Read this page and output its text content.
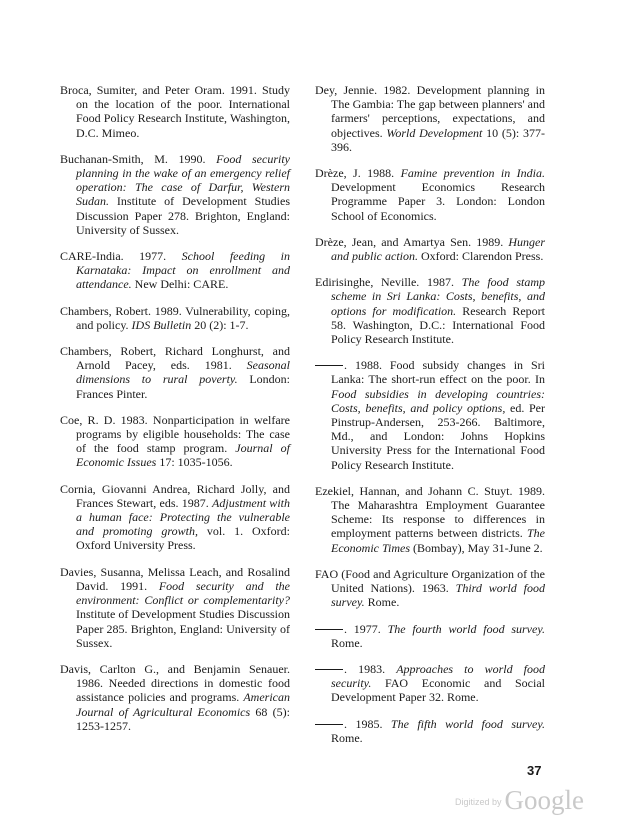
Broca, Sumiter, and Peter Oram. 1991. Study on the location of the poor. International Food Policy Research Institute, Washington, D.C. Mimeo.

Buchanan-Smith, M. 1990. Food security planning in the wake of an emergency relief operation: The case of Darfur, Western Sudan. Institute of Development Studies Discussion Paper 278. Brighton, England: University of Sussex.

CARE-India. 1977. School feeding in Karnataka: Impact on enrollment and attendance. New Delhi: CARE.

Chambers, Robert. 1989. Vulnerability, coping, and policy. IDS Bulletin 20 (2): 1-7.

Chambers, Robert, Richard Longhurst, and Arnold Pacey, eds. 1981. Seasonal dimensions to rural poverty. London: Frances Pinter.

Coe, R. D. 1983. Nonparticipation in welfare programs by eligible households: The case of the food stamp program. Journal of Economic Issues 17: 1035-1056.

Cornia, Giovanni Andrea, Richard Jolly, and Frances Stewart, eds. 1987. Adjustment with a human face: Protecting the vulnerable and promoting growth, vol. 1. Oxford: Oxford University Press.

Davies, Susanna, Melissa Leach, and Rosalind David. 1991. Food security and the environment: Conflict or complementarity? Institute of Development Studies Discussion Paper 285. Brighton, England: University of Sussex.

Davis, Carlton G., and Benjamin Senauer. 1986. Needed directions in domestic food assistance policies and programs. American Journal of Agricultural Economics 68 (5): 1253-1257.

Dey, Jennie. 1982. Development planning in The Gambia: The gap between planners' and farmers' perceptions, expectations, and objectives. World Development 10 (5): 377-396.

Drèze, J. 1988. Famine prevention in India. Development Economics Research Programme Paper 3. London: London School of Economics.

Drèze, Jean, and Amartya Sen. 1989. Hunger and public action. Oxford: Clarendon Press.

Edirisinghe, Neville. 1987. The food stamp scheme in Sri Lanka: Costs, benefits, and options for modification. Research Report 58. Washington, D.C.: International Food Policy Research Institute.

. 1988. Food subsidy changes in Sri Lanka: The short-run effect on the poor. In Food subsidies in developing countries: Costs, benefits, and policy options, ed. Per Pinstrup-Andersen, 253-266. Baltimore, Md., and London: Johns Hopkins University Press for the International Food Policy Research Institute.

Ezekiel, Hannan, and Johann C. Stuyt. 1989. The Maharashtra Employment Guarantee Scheme: Its response to differences in employment patterns between districts. The Economic Times (Bombay), May 31-June 2.

FAO (Food and Agriculture Organization of the United Nations). 1963. Third world food survey. Rome.

. 1977. The fourth world food survey. Rome.

. 1983. Approaches to world food security. FAO Economic and Social Development Paper 32. Rome.

. 1985. The fifth world food survey. Rome.

37
$^{Digitized by}$ Google
